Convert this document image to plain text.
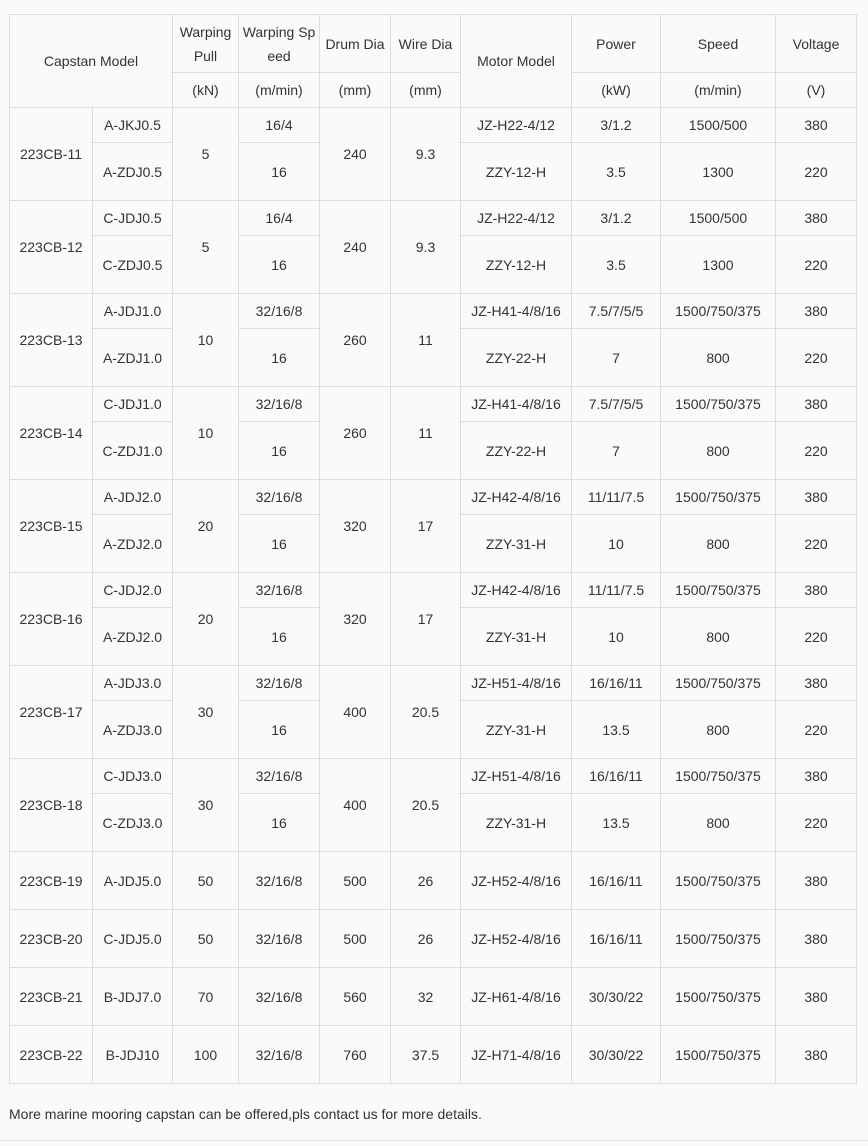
Capstan Model		Warping Pull	Warping Speed	Drum Dia	Wire Dia	Motor Model	Power	Speed	Voltage
		(kN)	(m/min)	(mm)	(mm)		(kW)	(m/min)	(V)
223CB-11	A-JKJ0.5	5	16/4	240	9.3	JZ-H22-4/12	3/1.2	1500/500	380
	A-ZDJ0.5		16			ZZY-12-H	3.5	1300	220
223CB-12	C-JDJ0.5	5	16/4	240	9.3	JZ-H22-4/12	3/1.2	1500/500	380
	C-ZDJ0.5		16			ZZY-12-H	3.5	1300	220
223CB-13	A-JDJ1.0	10	32/16/8	260	11	JZ-H41-4/8/16	7.5/7/5/5	1500/750/375	380
	A-ZDJ1.0		16			ZZY-22-H	7	800	220
223CB-14	C-JDJ1.0	10	32/16/8	260	11	JZ-H41-4/8/16	7.5/7/5/5	1500/750/375	380
	C-ZDJ1.0		16			ZZY-22-H	7	800	220
223CB-15	A-JDJ2.0	20	32/16/8	320	17	JZ-H42-4/8/16	11/11/7.5	1500/750/375	380
	A-ZDJ2.0		16			ZZY-31-H	10	800	220
223CB-16	C-JDJ2.0	20	32/16/8	320	17	JZ-H42-4/8/16	11/11/7.5	1500/750/375	380
	A-ZDJ2.0		16			ZZY-31-H	10	800	220
223CB-17	A-JDJ3.0	30	32/16/8	400	20.5	JZ-H51-4/8/16	16/16/11	1500/750/375	380
	A-ZDJ3.0		16			ZZY-31-H	13.5	800	220
223CB-18	C-JDJ3.0	30	32/16/8	400	20.5	JZ-H51-4/8/16	16/16/11	1500/750/375	380
	C-ZDJ3.0		16			ZZY-31-H	13.5	800	220
223CB-19	A-JDJ5.0	50	32/16/8	500	26	JZ-H52-4/8/16	16/16/11	1500/750/375	380
223CB-20	C-JDJ5.0	50	32/16/8	500	26	JZ-H52-4/8/16	16/16/11	1500/750/375	380
223CB-21	B-JDJ7.0	70	32/16/8	560	32	JZ-H61-4/8/16	30/30/22	1500/750/375	380
223CB-22	B-JDJ10	100	32/16/8	760	37.5	JZ-H71-4/8/16	30/30/22	1500/750/375	380
More marine mooring capstan can be offered,pls contact us for more details.
